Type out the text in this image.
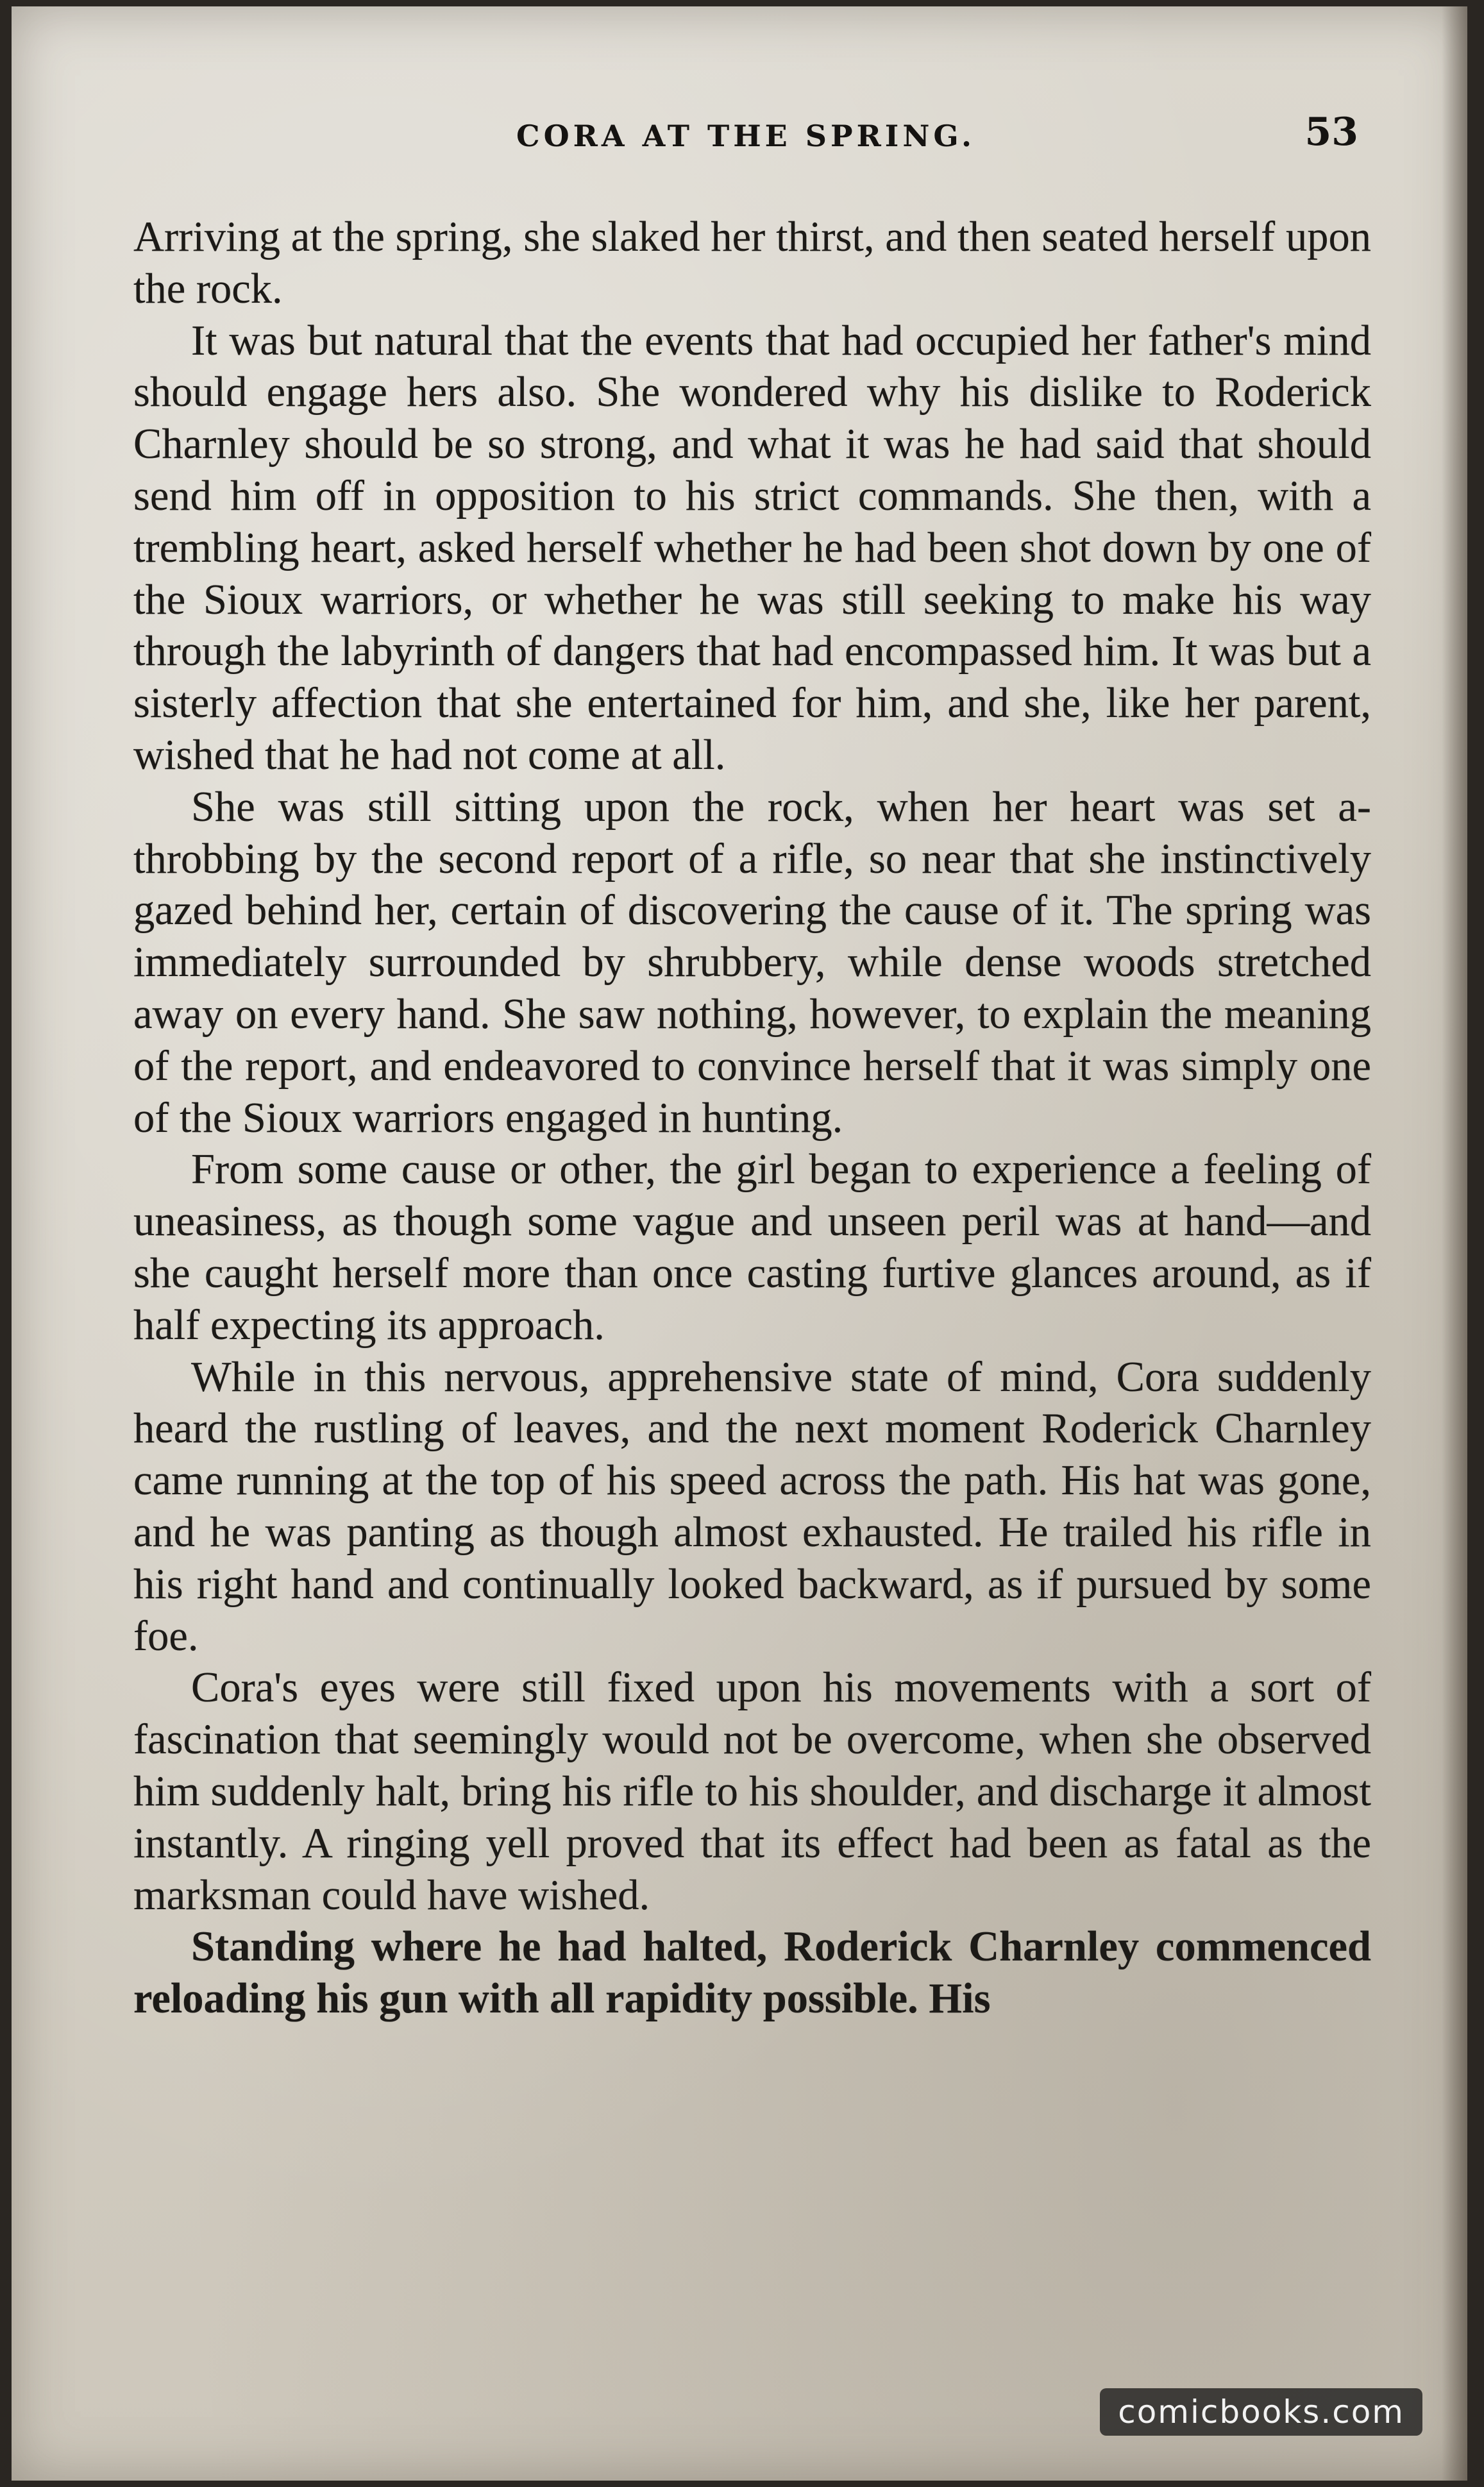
CORA AT THE SPRING.	53

Arriving at the spring, she slaked her thirst, and then seated herself upon the rock.

It was but natural that the events that had occupied her father's mind should engage hers also. She wondered why his dislike to Roderick Charnley should be so strong, and what it was he had said that should send him off in opposition to his strict commands. She then, with a trembling heart, asked herself whether he had been shot down by one of the Sioux warriors, or whether he was still seeking to make his way through the labyrinth of dangers that had encompassed him. It was but a sisterly affection that she entertained for him, and she, like her parent, wished that he had not come at all.

She was still sitting upon the rock, when her heart was set a-throbbing by the second report of a rifle, so near that she instinctively gazed behind her, certain of discovering the cause of it. The spring was immediately surrounded by shrubbery, while dense woods stretched away on every hand. She saw nothing, however, to explain the meaning of the report, and endeavored to convince herself that it was simply one of the Sioux warriors engaged in hunting.

From some cause or other, the girl began to experience a feeling of uneasiness, as though some vague and unseen peril was at hand—and she caught herself more than once casting furtive glances around, as if half expecting its approach.

While in this nervous, apprehensive state of mind, Cora suddenly heard the rustling of leaves, and the next moment Roderick Charnley came running at the top of his speed across the path. His hat was gone, and he was panting as though almost exhausted. He trailed his rifle in his right hand and continually looked backward, as if pursued by some foe.

Cora's eyes were still fixed upon his movements with a sort of fascination that seemingly would not be overcome, when she observed him suddenly halt, bring his rifle to his shoulder, and discharge it almost instantly. A ringing yell proved that its effect had been as fatal as the marksman could have wished.

Standing where he had halted, Roderick Charnley commenced reloading his gun with all rapidity possible. His

comicbooks.com
